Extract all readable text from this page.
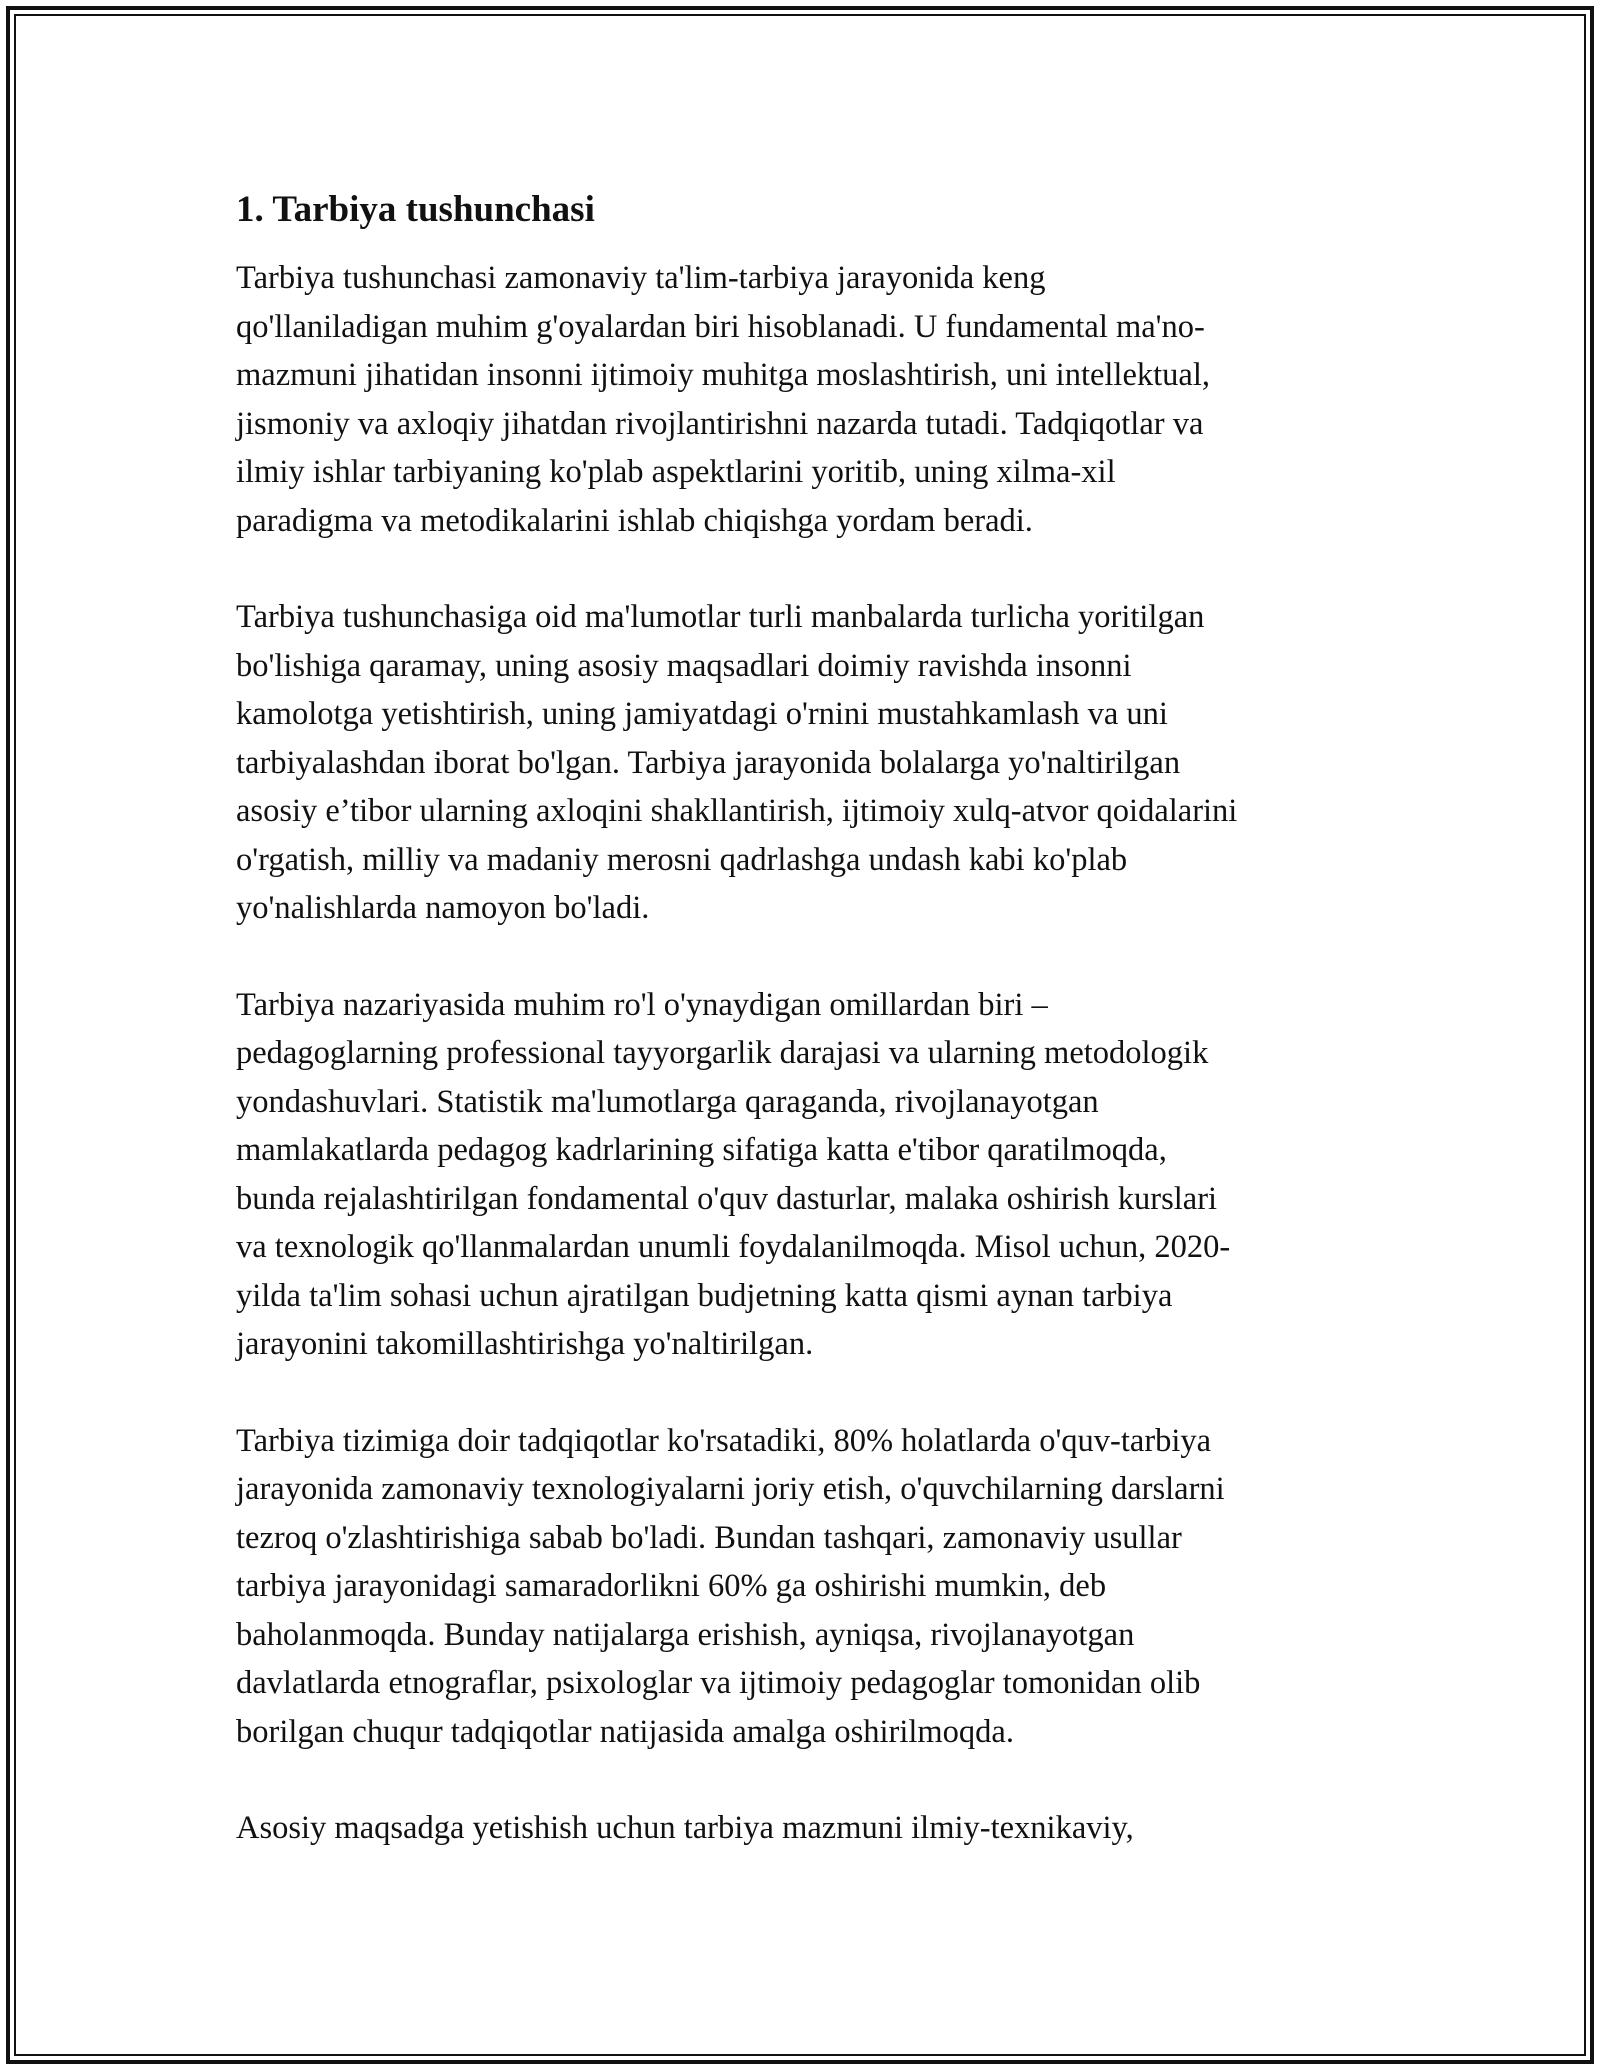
1. Tarbiya tushunchasi

Tarbiya tushunchasi zamonaviy ta'lim-tarbiya jarayonida keng
qo'llaniladigan muhim g'oyalardan biri hisoblanadi. U fundamental ma'no-
mazmuni jihatidan insonni ijtimoiy muhitga moslashtirish, uni intellektual,
jismoniy va axloqiy jihatdan rivojlantirishni nazarda tutadi. Tadqiqotlar va
ilmiy ishlar tarbiyaning ko'plab aspektlarini yoritib, uning xilma-xil
paradigma va metodikalarini ishlab chiqishga yordam beradi.

Tarbiya tushunchasiga oid ma'lumotlar turli manbalarda turlicha yoritilgan
bo'lishiga qaramay, uning asosiy maqsadlari doimiy ravishda insonni
kamolotga yetishtirish, uning jamiyatdagi o'rnini mustahkamlash va uni
tarbiyalashdan iborat bo'lgan. Tarbiya jarayonida bolalarga yo'naltirilgan
asosiy e’tibor ularning axloqini shakllantirish, ijtimoiy xulq-atvor qoidalarini
o'rgatish, milliy va madaniy merosni qadrlashga undash kabi ko'plab
yo'nalishlarda namoyon bo'ladi.

Tarbiya nazariyasida muhim ro'l o'ynaydigan omillardan biri –
pedagoglarning professional tayyorgarlik darajasi va ularning metodologik
yondashuvlari. Statistik ma'lumotlarga qaraganda, rivojlanayotgan
mamlakatlarda pedagog kadrlarining sifatiga katta e'tibor qaratilmoqda,
bunda rejalashtirilgan fondamental o'quv dasturlar, malaka oshirish kurslari
va texnologik qo'llanmalardan unumli foydalanilmoqda. Misol uchun, 2020-
yilda ta'lim sohasi uchun ajratilgan budjetning katta qismi aynan tarbiya
jarayonini takomillashtirishga yo'naltirilgan.

Tarbiya tizimiga doir tadqiqotlar ko'rsatadiki, 80% holatlarda o'quv-tarbiya
jarayonida zamonaviy texnologiyalarni joriy etish, o'quvchilarning darslarni
tezroq o'zlashtirishiga sabab bo'ladi. Bundan tashqari, zamonaviy usullar
tarbiya jarayonidagi samaradorlikni 60% ga oshirishi mumkin, deb
baholanmoqda. Bunday natijalarga erishish, ayniqsa, rivojlanayotgan
davlatlarda etnograflar, psixologlar va ijtimoiy pedagoglar tomonidan olib
borilgan chuqur tadqiqotlar natijasida amalga oshirilmoqda.

Asosiy maqsadga yetishish uchun tarbiya mazmuni ilmiy-texnikaviy,
